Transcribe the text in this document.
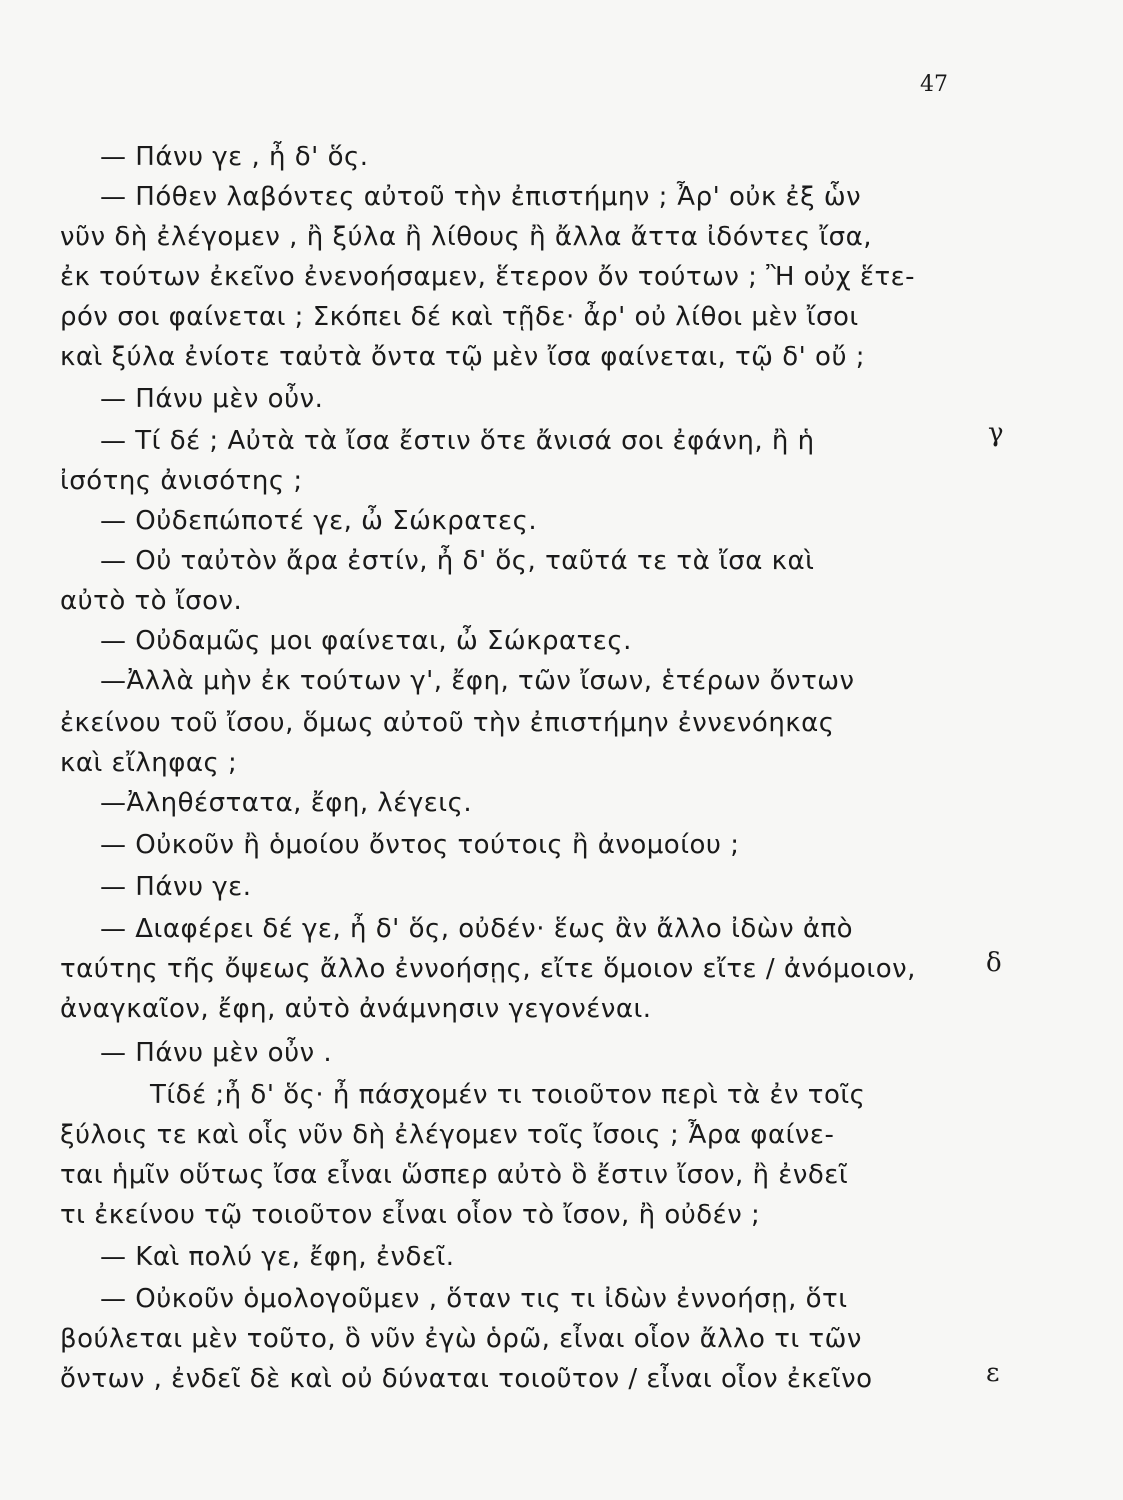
47
— Πάνυ γε , ἦ δ' ὅς.
— Πόθεν λαβόντες αὐτοῦ τὴν ἐπιστήμην ; Ἆρ' οὐκ ἐξ ὧν
νῦν δὴ ἐλέγομεν , ἢ ξύλα ἢ λίθους ἢ ἄλλα ἄττα ἰδόντες ἴσα,
ἐκ τούτων ἐκεῖνο ἐνενοήσαμεν, ἕτερον ὄν τούτων ; Ἢ οὐχ ἕτε-
ρόν σοι φαίνεται ; Σκόπει δέ καὶ τῇδε· ἆρ' οὐ λίθοι μὲν ἴσοι
καὶ ξύλα ἐνίοτε ταὐτὰ ὄντα τῷ μὲν ἴσα φαίνεται, τῷ δ' οὔ ;
— Πάνυ μὲν οὖν.
— Τί δέ ; Αὐτὰ τὰ ἴσα ἔστιν ὅτε ἄνισά σοι ἐφάνη, ἢ ἡ
ἰσότης ἀνισότης ;
— Οὐδεπώποτέ γε, ὦ Σώκρατες.
— Οὐ ταὐτὸν ἄρα ἐστίν, ἦ δ' ὅς, ταῦτά τε τὰ ἴσα καὶ
αὐτὸ τὸ ἴσον.
— Οὐδαμῶς μοι φαίνεται, ὦ Σώκρατες.
—Ἀλλὰ μὴν ἐκ τούτων γ', ἔφη, τῶν ἴσων, ἑτέρων ὄντων
ἐκείνου τοῦ ἴσου, ὅμως αὐτοῦ τὴν ἐπιστήμην ἐννενόηκας
καὶ εἴληφας ;
—Ἀληθέστατα, ἔφη, λέγεις.
— Οὐκοῦν ἢ ὁμοίου ὄντος τούτοις ἢ ἀνομοίου ;
— Πάνυ γε.
— Διαφέρει δέ γε, ἦ δ' ὅς, οὐδέν· ἕως ἂν ἄλλο ἰδὼν ἀπὸ
ταύτης τῆς ὄψεως ἄλλο ἐννοήσῃς, εἴτε ὅμοιον εἴτε / ἀνόμοιον,
ἀναγκαῖον, ἔφη, αὐτὸ ἀνάμνησιν γεγονέναι.
— Πάνυ μὲν οὖν .
Τίδέ ;ἦ δ' ὅς· ἦ πάσχομέν τι τοιοῦτον περὶ τὰ ἐν τοῖς
ξύλοις τε καὶ οἷς νῦν δὴ ἐλέγομεν τοῖς ἴσοις ; Ἆρα φαίνε-
ται ἡμῖν οὕτως ἴσα εἶναι ὥσπερ αὐτὸ ὃ ἔστιν ἴσον, ἢ ἐνδεῖ
τι ἐκείνου τῷ τοιοῦτον εἶναι οἷον τὸ ἴσον, ἢ οὐδέν ;
— Καὶ πολύ γε, ἔφη, ἐνδεῖ.
— Οὐκοῦν ὁμολογοῦμεν , ὅταν τις τι ἰδὼν ἐννοήσῃ, ὅτι
βούλεται μὲν τοῦτο, ὃ νῦν ἐγὼ ὁρῶ, εἶναι οἷον ἄλλο τι τῶν
ὄντων , ἐνδεῖ δὲ καὶ οὐ δύναται τοιοῦτον / εἶναι οἷον ἐκεῖνο
γ
δ
ε
